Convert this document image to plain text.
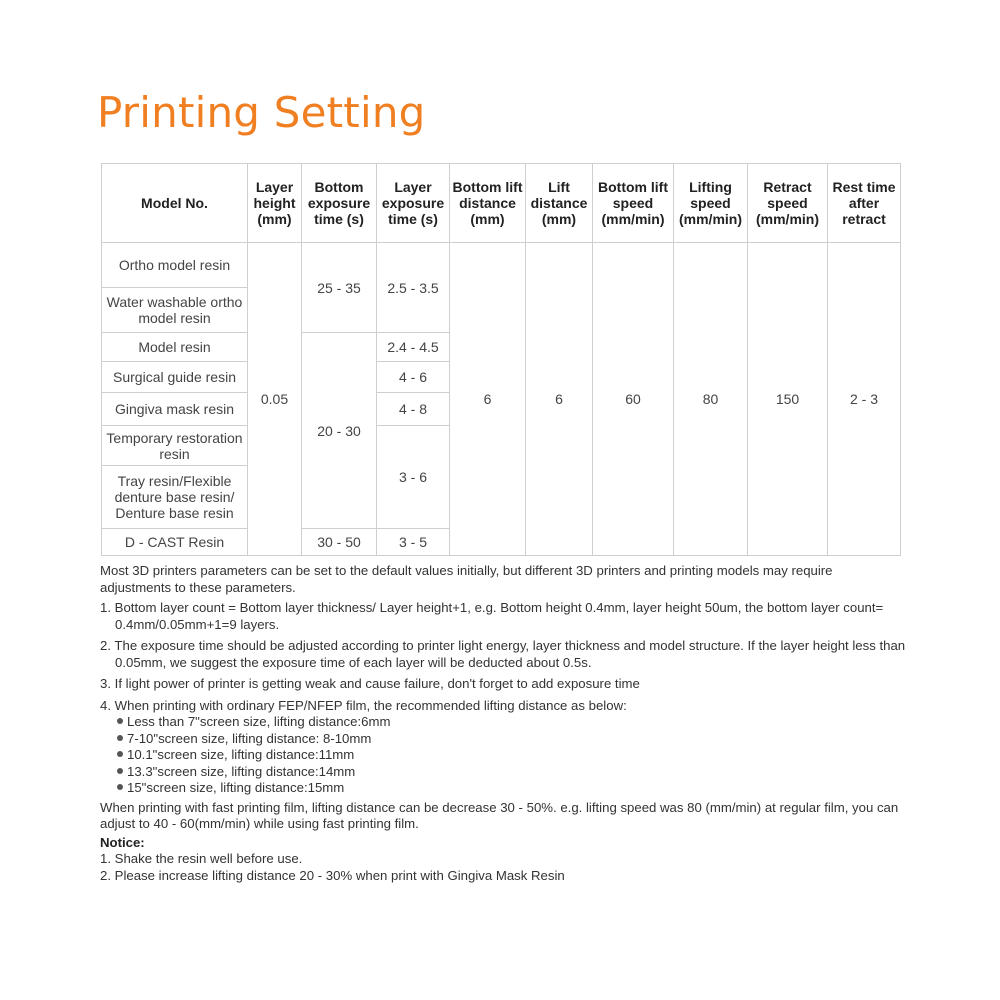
Printing Setting
Model No.	Layer height (mm)	Bottom exposure time (s)	Layer exposure time (s)	Bottom lift distance (mm)	Lift distance (mm)	Bottom lift speed (mm/min)	Lifting speed (mm/min)	Retract speed (mm/min)	Rest time after retract
Ortho model resin	0.05	25 - 35	2.5 - 3.5	6	6	60	80	150	2 - 3
Water washable ortho model resin									
Model resin		20 - 30	2.4 - 4.5						
Surgical guide resin			4 - 6						
Gingiva mask resin			4 - 8						
Temporary restoration resin			3 - 6						
Tray resin/Flexible denture base resin/ Denture base resin									
D - CAST Resin		30 - 50	3 - 5						

Most 3D printers parameters can be set to the default values initially, but different 3D printers and printing models may require adjustments to these parameters.

1. Bottom layer count = Bottom layer thickness/ Layer height+1, e.g. Bottom height 0.4mm, layer height 50um, the bottom layer count= 0.4mm/0.05mm+1=9 layers.

2. The exposure time should be adjusted according to printer light energy, layer thickness and model structure. If the layer height less than 0.05mm, we suggest the exposure time of each layer will be deducted about 0.5s.

3. If light power of printer is getting weak and cause failure, don't forget to add exposure time

4. When printing with ordinary FEP/NFEP film, the recommended lifting distance as below:

Less than 7"screen size, lifting distance:6mm
7-10"screen size, lifting distance: 8-10mm
10.1"screen size, lifting distance:11mm
13.3"screen size, lifting distance:14mm
15"screen size, lifting distance:15mm

When printing with fast printing film, lifting distance can be decrease 30 - 50%. e.g. lifting speed was 80 (mm/min) at regular film, you can adjust to 40 - 60(mm/min) while using fast printing film.

Notice:

1. Shake the resin well before use.

2. Please increase lifting distance 20 - 30% when print with Gingiva Mask Resin
